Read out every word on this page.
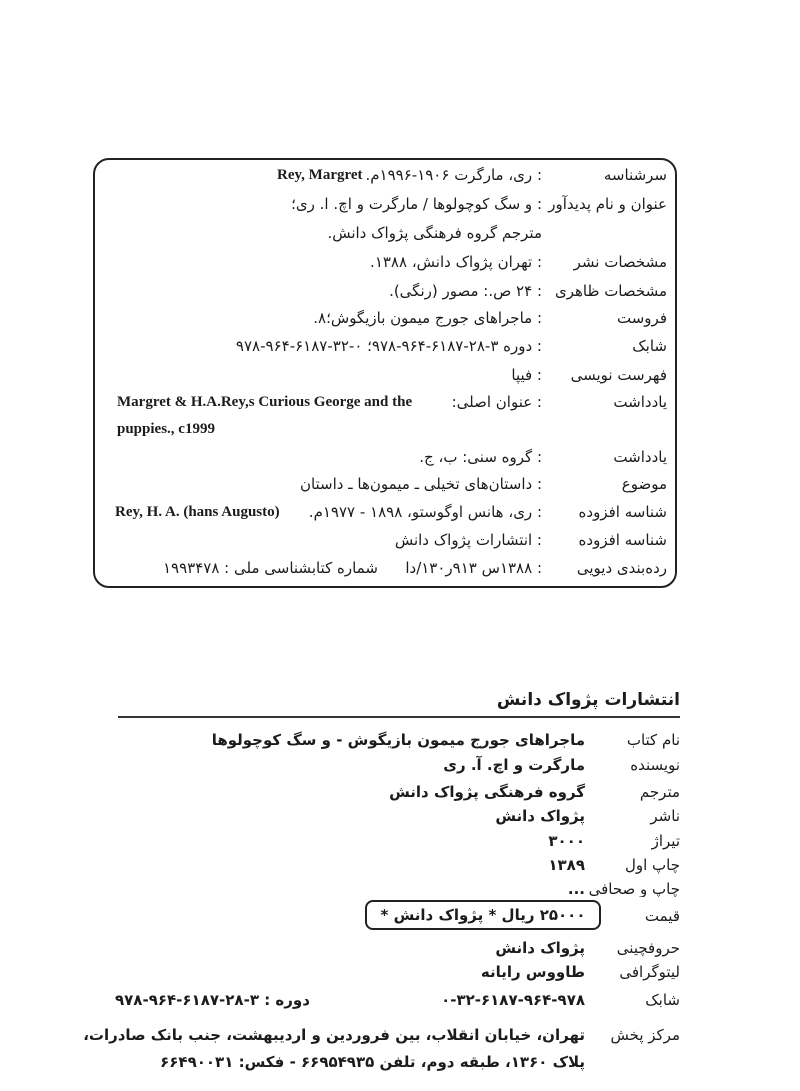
سرشناسه
: ری، مارگرت ۱۹۰۶-۱۹۹۶م.
Rey, Margret
عنوان و نام پدیدآور
: و سگ کوچولوها / مارگرت و اچ. ا. ری؛
مترجم گروه فرهنگی پژواک دانش.
مشخصات نشر
: تهران پژواک دانش، ۱۳۸۸.
مشخصات ظاهری
: ۲۴ ص.: مصور (رنگی).
فروست
: ماجراهای جورج میمون بازیگوش؛۸.
شابک
: دوره ۳-۲۸-۶۱۸۷-۹۶۴-۹۷۸؛ ۰-۳۲-۶۱۸۷-۹۶۴-۹۷۸
فهرست نویسی
: فیپا
یادداشت
: عنوان اصلی:
Margret & H.A.Rey,s Curious George and the
puppies., c1999
یادداشت
: گروه سنی: ب، ج.
موضوع
: داستان‌های تخیلی ـ میمون‌ها ـ داستان
شناسه افزوده
: ری، هانس اوگوستو، ۱۸۹۸ - ۱۹۷۷م.
Rey, H. A. (hans Augusto)
شناسه افزوده
: انتشارات پژواک دانش
رده‌بندی دیویی
: ۱۳۸۸س ۹۱۳ر۱۳۰/دا
شماره کتابشناسی ملی : ۱۹۹۳۴۷۸
انتشارات پژواک دانش
نام کتاب
ماجراهای جورج میمون بازیگوش - و سگ کوچولوها
نویسنده
مارگرت و اچ. آ. ری
مترجم
گروه فرهنگی پژواک دانش
ناشر
پژواک دانش
تیراژ
۳۰۰۰
چاپ اول
۱۳۸۹
چاپ و صحافی
...
قیمت
۲۵۰۰۰ ریال * پژواک دانش *
حروفچینی
پژواک دانش
لیتوگرافی
طاووس رایانه
شابک
۰-۳۲-۶۱۸۷-۹۶۴-۹۷۸
دوره : ۳-۲۸-۶۱۸۷-۹۶۴-۹۷۸
مرکز پخش
تهران، خیابان انقلاب، بین فروردین و اردیبهشت، جنب بانک صادرات،
پلاک ۱۳۶۰، طبقه دوم، تلفن ۶۶۹۵۴۹۳۵ - فکس: ۶۶۴۹۰۰۳۱
